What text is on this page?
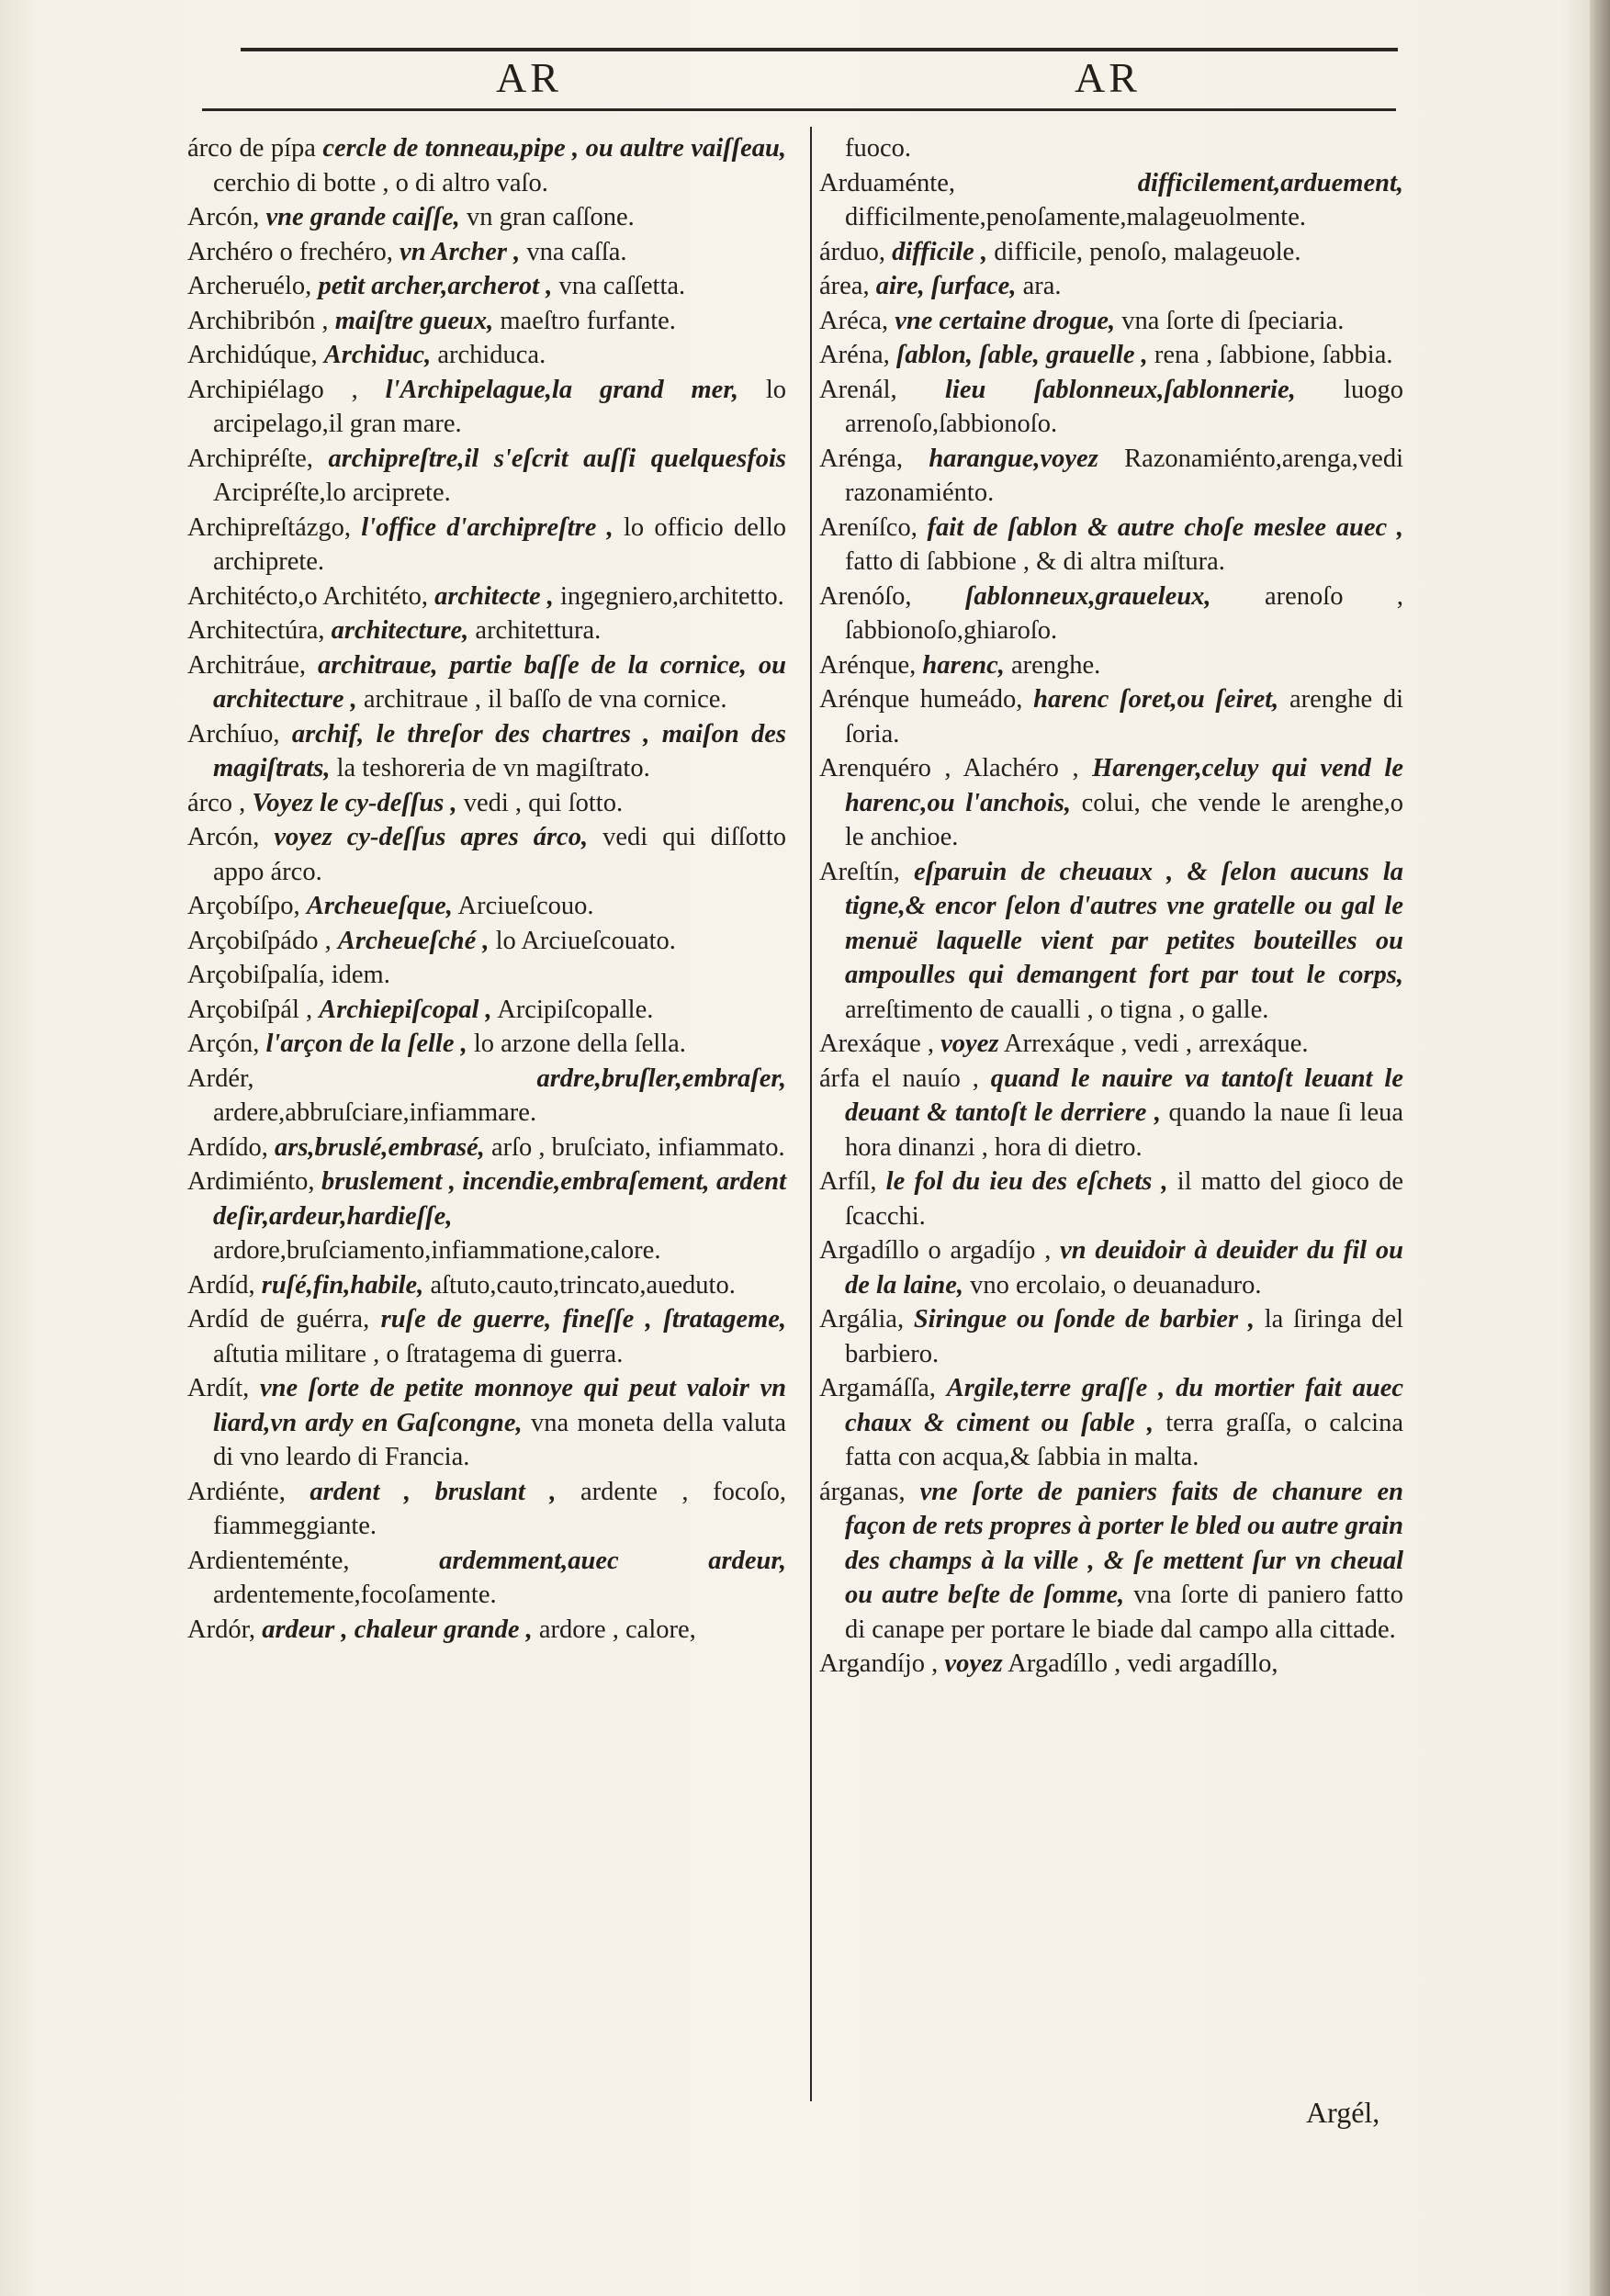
AR	AR

árco de pípa cercle de tonneau,pipe , ou aultre vaiſſeau, cerchio di botte , o di altro vaſo.

Arcón, vne grande caiſſe, vn gran caſſone.

Archéro o frechéro, vn Archer , vna caſſa.

Archeruélo, petit archer,archerot , vna caſſetta.

Archibribón , maiſtre gueux, maeſtro furfante.

Archidúque, Archiduc, archiduca.

Archipiélago , l'Archipelague,la grand mer, lo arcipelago,il gran mare.

Archipréſte, archipreſtre,il s'eſcrit auſſi quelquesfois Arcipréſte,lo arciprete.

Archipreſtázgo, l'office d'archipreſtre , lo officio dello archiprete.

Architécto,o Architéto, architecte , ingegniero,architetto.

Architectúra, architecture, architettura.

Architráue, architraue, partie baſſe de la cornice, ou architecture , architraue , il baſſo de vna cornice.

Archíuo, archif, le threſor des chartres , maiſon des magiſtrats, la teshoreria de vn magiſtrato.

árco , Voyez le cy-deſſus , vedi , qui ſotto.

Arcón, voyez cy-deſſus apres árco, vedi qui diſſotto appo árco.

Arçobíſpo, Archeueſque, Arciueſcouo.

Arçobiſpádo , Archeueſché , lo Arciueſcouato.

Arçobiſpalía, idem.

Arçobiſpál , Archiepiſcopal , Arcipiſcopalle.

Arçón, l'arçon de la ſelle , lo arzone della ſella.

Ardér,	ardre,bruſler,embraſer, ardere,abbruſciare,infiammare.

Ardído, ars,bruslé,embrasé, arſo , bruſciato, infiammato.

Ardimiénto, bruslement , incendie,embraſement, ardent deſir,ardeur,hardieſſe, ardore,bruſciamento,infiammatione,calore.

Ardíd, ruſé,fin,habile, aſtuto,cauto,trincato,aueduto.

Ardíd de guérra, ruſe de guerre, fineſſe , ſtratageme, aſtutia militare , o ſtratagema di guerra.

Ardít, vne ſorte de petite monnoye qui peut valoir vn liard,vn ardy en Gaſcongne, vna moneta della valuta di vno leardo di Francia.

Ardiénte, ardent , bruslant , ardente , focoſo, fiammeggiante.

Ardienteménte,	ardemment,auec ardeur, ardentemente,focoſamente.

Ardór, ardeur , chaleur grande , ardore , calore,

fuoco.

Arduaménte,	difficilement,arduement, difficilmente,penoſamente,malageuolmente.

árduo, difficile , difficile, penoſo, malageuole.

área, aire, ſurface, ara.

Aréca, vne certaine drogue, vna ſorte di ſpeciaria.

Aréna, ſablon, ſable, grauelle , rena , ſabbione, ſabbia.

Arenál, lieu ſablonneux,ſablonnerie, luogo arrenoſo,ſabbionoſo.

Arénga, harangue,voyez Razonamiénto,arenga,vedi razonamiénto.

Areníſco, fait de ſablon & autre choſe meslee auec , fatto di ſabbione , & di altra miſtura.

Arenóſo, ſablonneux,graueleux, arenoſo , ſabbionoſo,ghiaroſo.

Arénque, harenc, arenghe.

Arénque humeádo, harenc ſoret,ou ſeiret, arenghe di ſoria.

Arenquéro , Alachéro , Harenger,celuy qui vend le harenc,ou l'anchois, colui, che vende le arenghe,o le anchioe.

Areſtín, eſparuin de cheuaux , & ſelon aucuns la tigne,& encor ſelon d'autres vne gratelle ou gal le menuë laquelle vient par petites bouteilles ou ampoulles qui demangent fort par tout le corps, arreſtimento de caualli , o tigna , o galle.

Arexáque , voyez Arrexáque , vedi , arrexáque.

árfa el nauío , quand le nauire va tantoſt leuant le deuant & tantoſt le derriere , quando la naue ſi leua hora dinanzi , hora di dietro.

Arfíl, le fol du ieu des eſchets , il matto del gioco de ſcacchi.

Argadíllo o argadíjo , vn deuidoir à deuider du fil ou de la laine, vno ercolaio, o deuanaduro.

Argália, Siringue ou ſonde de barbier , la ſiringa del barbiero.

Argamáſſa, Argile,terre graſſe , du mortier fait auec chaux & ciment ou ſable , terra graſſa, o calcina fatta con acqua,& ſabbia in malta.

árganas, vne ſorte de paniers faits de chanure en façon de rets propres à porter le bled ou autre grain des champs à la ville , & ſe mettent ſur vn cheual ou autre beſte de ſomme, vna ſorte di paniero fatto di canape per portare le biade dal campo alla cittade.

Argandíjo , voyez Argadíllo , vedi argadíllo,

Argél,
